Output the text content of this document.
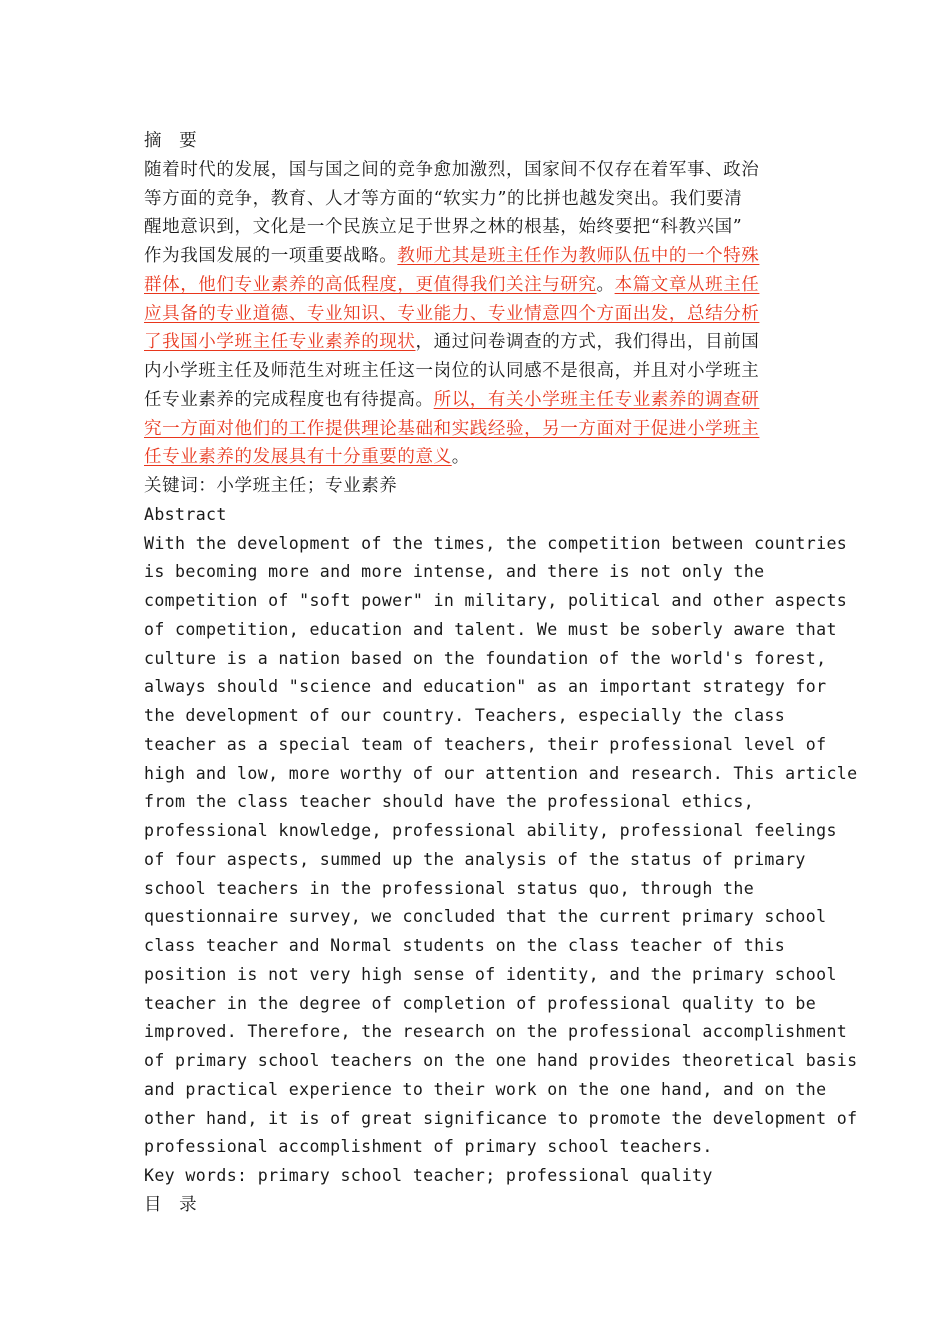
摘 要
随着时代的发展，国与国之间的竞争愈加激烈，国家间不仅存在着军事、政治
等方面的竞争，教育、人才等方面的“软实力”的比拼也越发突出。我们要清
醒地意识到，文化是一个民族立足于世界之林的根基，始终要把“科教兴国”
作为我国发展的一项重要战略。教师尤其是班主任作为教师队伍中的一个特殊
群体，他们专业素养的高低程度，更值得我们关注与研究。本篇文章从班主任
应具备的专业道德、专业知识、专业能力、专业情意四个方面出发，总结分析
了我国小学班主任专业素养的现状，通过问卷调查的方式，我们得出，目前国
内小学班主任及师范生对班主任这一岗位的认同感不是很高，并且对小学班主
任专业素养的完成程度也有待提高。所以，有关小学班主任专业素养的调查研
究一方面对他们的工作提供理论基础和实践经验，另一方面对于促进小学班主
任专业素养的发展具有十分重要的意义。
关键词：小学班主任；专业素养
Abstract
With the development of the times, the competition between countries
is becoming more and more intense, and there is not only the
competition of "soft power" in military, political and other aspects
of competition, education and talent. We must be soberly aware that
culture is a nation based on the foundation of the world's forest,
always should "science and education" as an important strategy for
the development of our country. Teachers, especially the class
teacher as a special team of teachers, their professional level of
high and low, more worthy of our attention and research. This article
from the class teacher should have the professional ethics,
professional knowledge, professional ability, professional feelings
of four aspects, summed up the analysis of the status of primary
school teachers in the professional status quo, through the
questionnaire survey, we concluded that the current primary school
class teacher and Normal students on the class teacher of this
position is not very high sense of identity, and the primary school
teacher in the degree of completion of professional quality to be
improved. Therefore, the research on the professional accomplishment
of primary school teachers on the one hand provides theoretical basis
and practical experience to their work on the one hand, and on the
other hand, it is of great significance to promote the development of
professional accomplishment of primary school teachers.
Key words: primary school teacher; professional quality
目 录
